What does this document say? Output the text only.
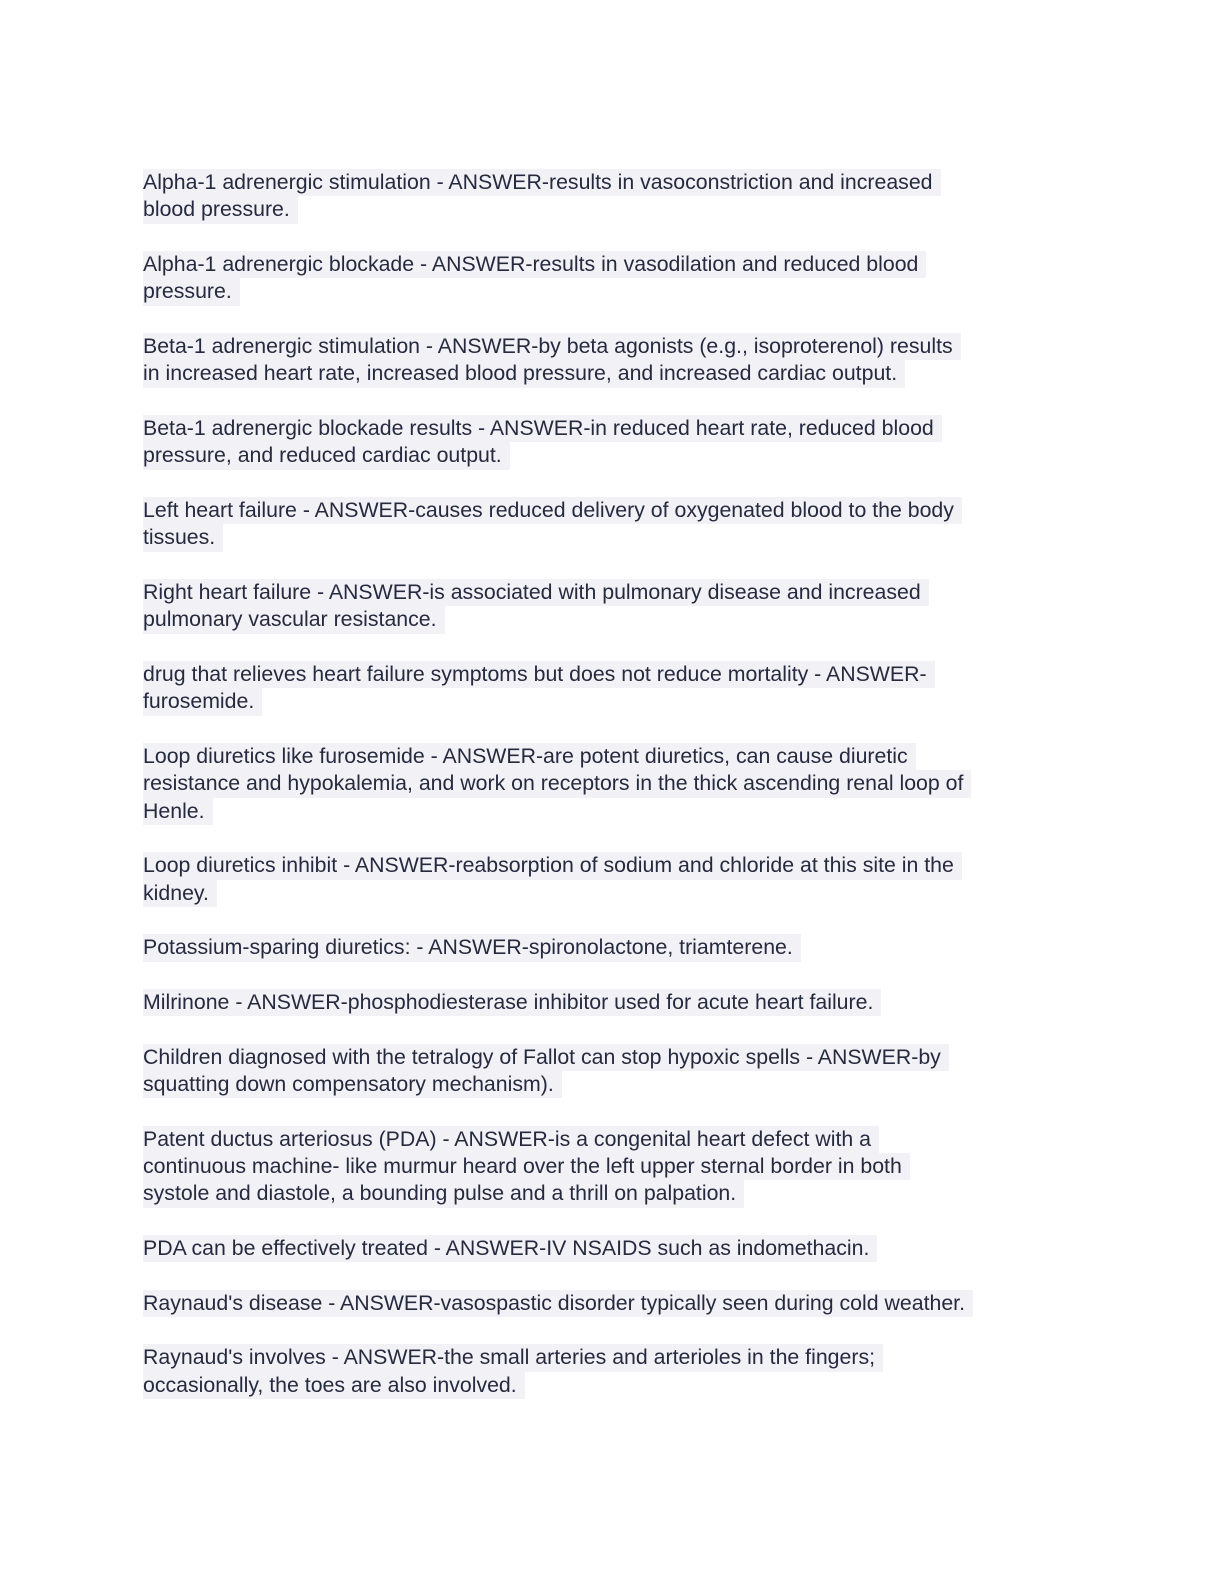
Alpha-1 adrenergic stimulation - ANSWER-results in vasoconstriction and increased
blood pressure.
Alpha-1 adrenergic blockade - ANSWER-results in vasodilation and reduced blood
pressure.
Beta-1 adrenergic stimulation - ANSWER-by beta agonists (e.g., isoproterenol) results
in increased heart rate, increased blood pressure, and increased cardiac output.
Beta-1 adrenergic blockade results - ANSWER-in reduced heart rate, reduced blood
pressure, and reduced cardiac output.
Left heart failure - ANSWER-causes reduced delivery of oxygenated blood to the body
tissues.
Right heart failure - ANSWER-is associated with pulmonary disease and increased
pulmonary vascular resistance.
drug that relieves heart failure symptoms but does not reduce mortality - ANSWER-
furosemide.
Loop diuretics like furosemide - ANSWER-are potent diuretics, can cause diuretic
resistance and hypokalemia, and work on receptors in the thick ascending renal loop of
Henle.
Loop diuretics inhibit - ANSWER-reabsorption of sodium and chloride at this site in the
kidney.
Potassium-sparing diuretics: - ANSWER-spironolactone, triamterene.
Milrinone - ANSWER-phosphodiesterase inhibitor used for acute heart failure.
Children diagnosed with the tetralogy of Fallot can stop hypoxic spells - ANSWER-by
squatting down compensatory mechanism).
Patent ductus arteriosus (PDA) - ANSWER-is a congenital heart defect with a
continuous machine- like murmur heard over the left upper sternal border in both
systole and diastole, a bounding pulse and a thrill on palpation.
PDA can be effectively treated - ANSWER-IV NSAIDS such as indomethacin.
Raynaud's disease - ANSWER-vasospastic disorder typically seen during cold weather.
Raynaud's involves - ANSWER-the small arteries and arterioles in the fingers;
occasionally, the toes are also involved.
